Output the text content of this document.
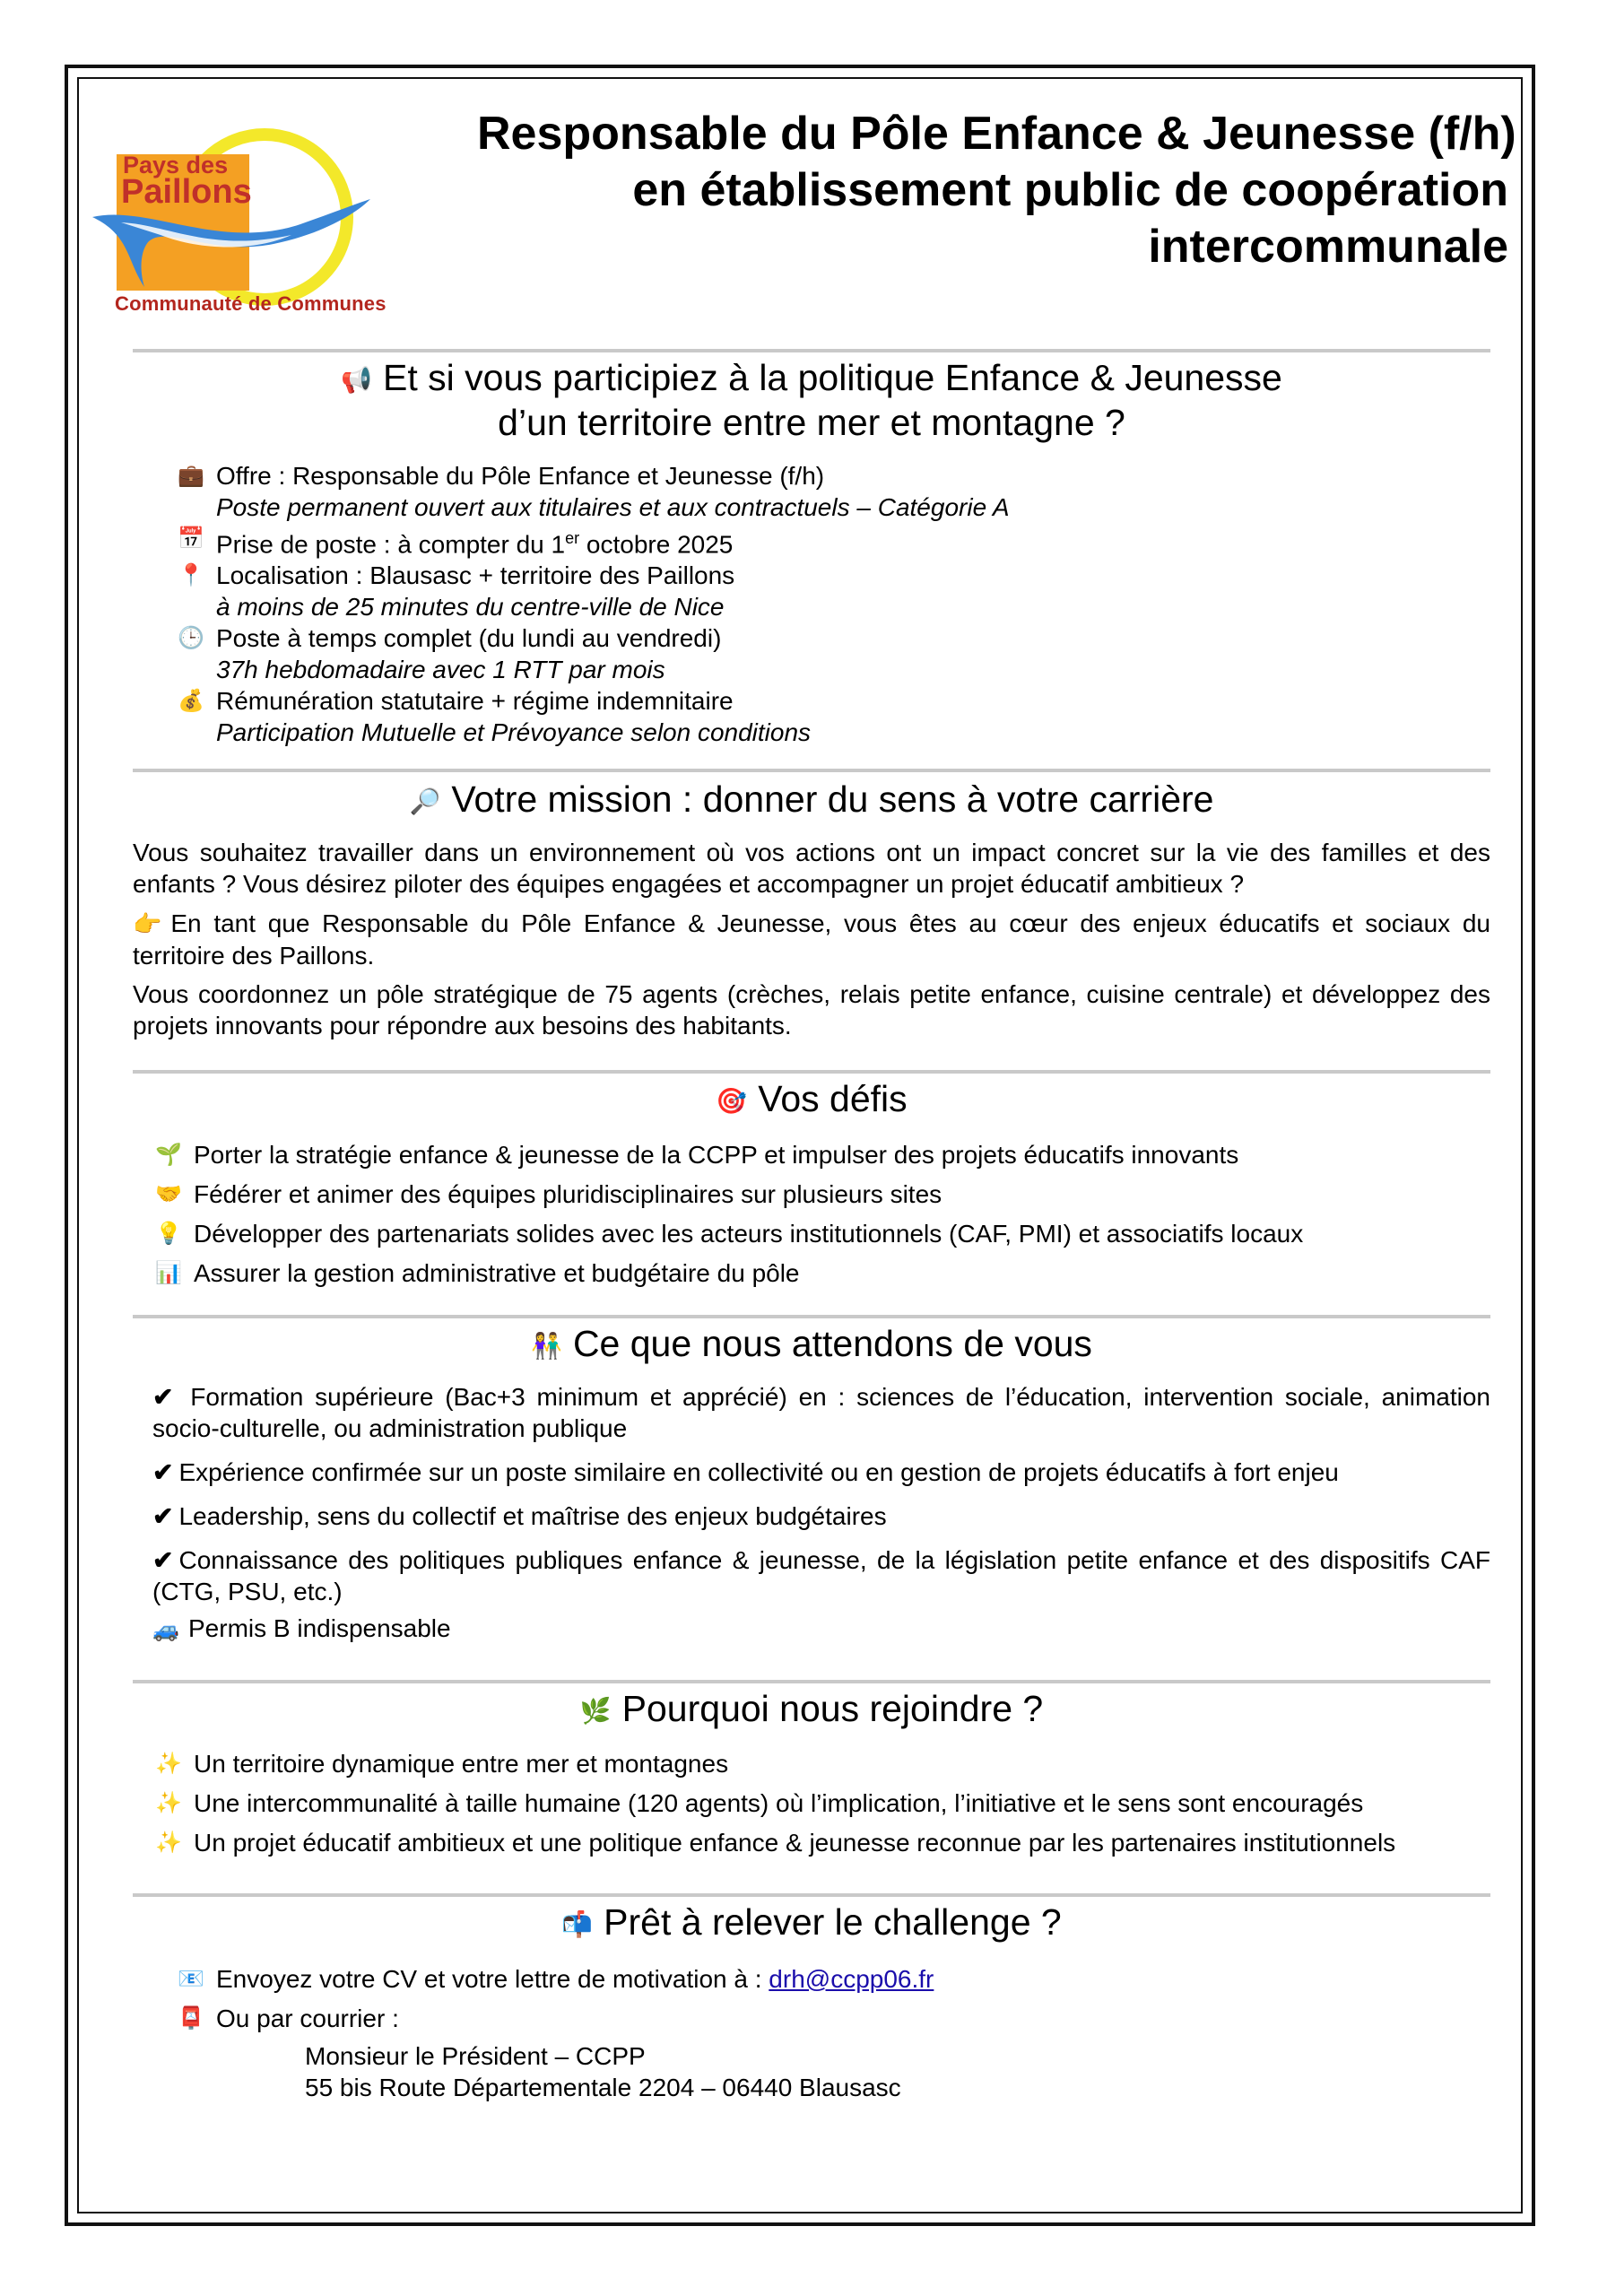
Pays des
Paillons
Communauté de Communes
Responsable du Pôle Enfance & Jeunesse (f/h)
en établissement public de coopération
intercommunale
📢 Et si vous participiez à la politique Enfance & Jeunesse
d’un territoire entre mer et montagne ?
💼 Offre : Responsable du Pôle Enfance et Jeunesse (f/h)
Poste permanent ouvert aux titulaires et aux contractuels – Catégorie A
📅 Prise de poste : à compter du 1er octobre 2025
📍 Localisation : Blausasc + territoire des Paillons
à moins de 25 minutes du centre-ville de Nice
🕒 Poste à temps complet (du lundi au vendredi)
37h hebdomadaire avec 1 RTT par mois
💰 Rémunération statutaire + régime indemnitaire
Participation Mutuelle et Prévoyance selon conditions
🔎 Votre mission : donner du sens à votre carrière
Vous souhaitez travailler dans un environnement où vos actions ont un impact concret sur la vie des familles et des enfants ? Vous désirez piloter des équipes engagées et accompagner un projet éducatif ambitieux ?
👉 En tant que Responsable du Pôle Enfance & Jeunesse, vous êtes au cœur des enjeux éducatifs et sociaux du territoire des Paillons.
Vous coordonnez un pôle stratégique de 75 agents (crèches, relais petite enfance, cuisine centrale) et développez des projets innovants pour répondre aux besoins des habitants.
🎯 Vos défis
🌱 Porter la stratégie enfance & jeunesse de la CCPP et impulser des projets éducatifs innovants
🤝 Fédérer et animer des équipes pluridisciplinaires sur plusieurs sites
💡 Développer des partenariats solides avec les acteurs institutionnels (CAF, PMI) et associatifs locaux
📊 Assurer la gestion administrative et budgétaire du pôle
👫 Ce que nous attendons de vous
✔ Formation supérieure (Bac+3 minimum et apprécié) en : sciences de l’éducation, intervention sociale, animation socio-culturelle, ou administration publique
✔ Expérience confirmée sur un poste similaire en collectivité ou en gestion de projets éducatifs à fort enjeu
✔ Leadership, sens du collectif et maîtrise des enjeux budgétaires
✔ Connaissance des politiques publiques enfance & jeunesse, de la législation petite enfance et des dispositifs CAF (CTG, PSU, etc.)
🚙 Permis B indispensable
🌿 Pourquoi nous rejoindre ?
✨ Un territoire dynamique entre mer et montagnes
✨ Une intercommunalité à taille humaine (120 agents) où l’implication, l’initiative et le sens sont encouragés
✨ Un projet éducatif ambitieux et une politique enfance & jeunesse reconnue par les partenaires institutionnels
📬 Prêt à relever le challenge ?
📧 Envoyez votre CV et votre lettre de motivation à : drh@ccpp06.fr
📮 Ou par courrier :
Monsieur le Président – CCPP
55 bis Route Départementale 2204 – 06440 Blausasc
